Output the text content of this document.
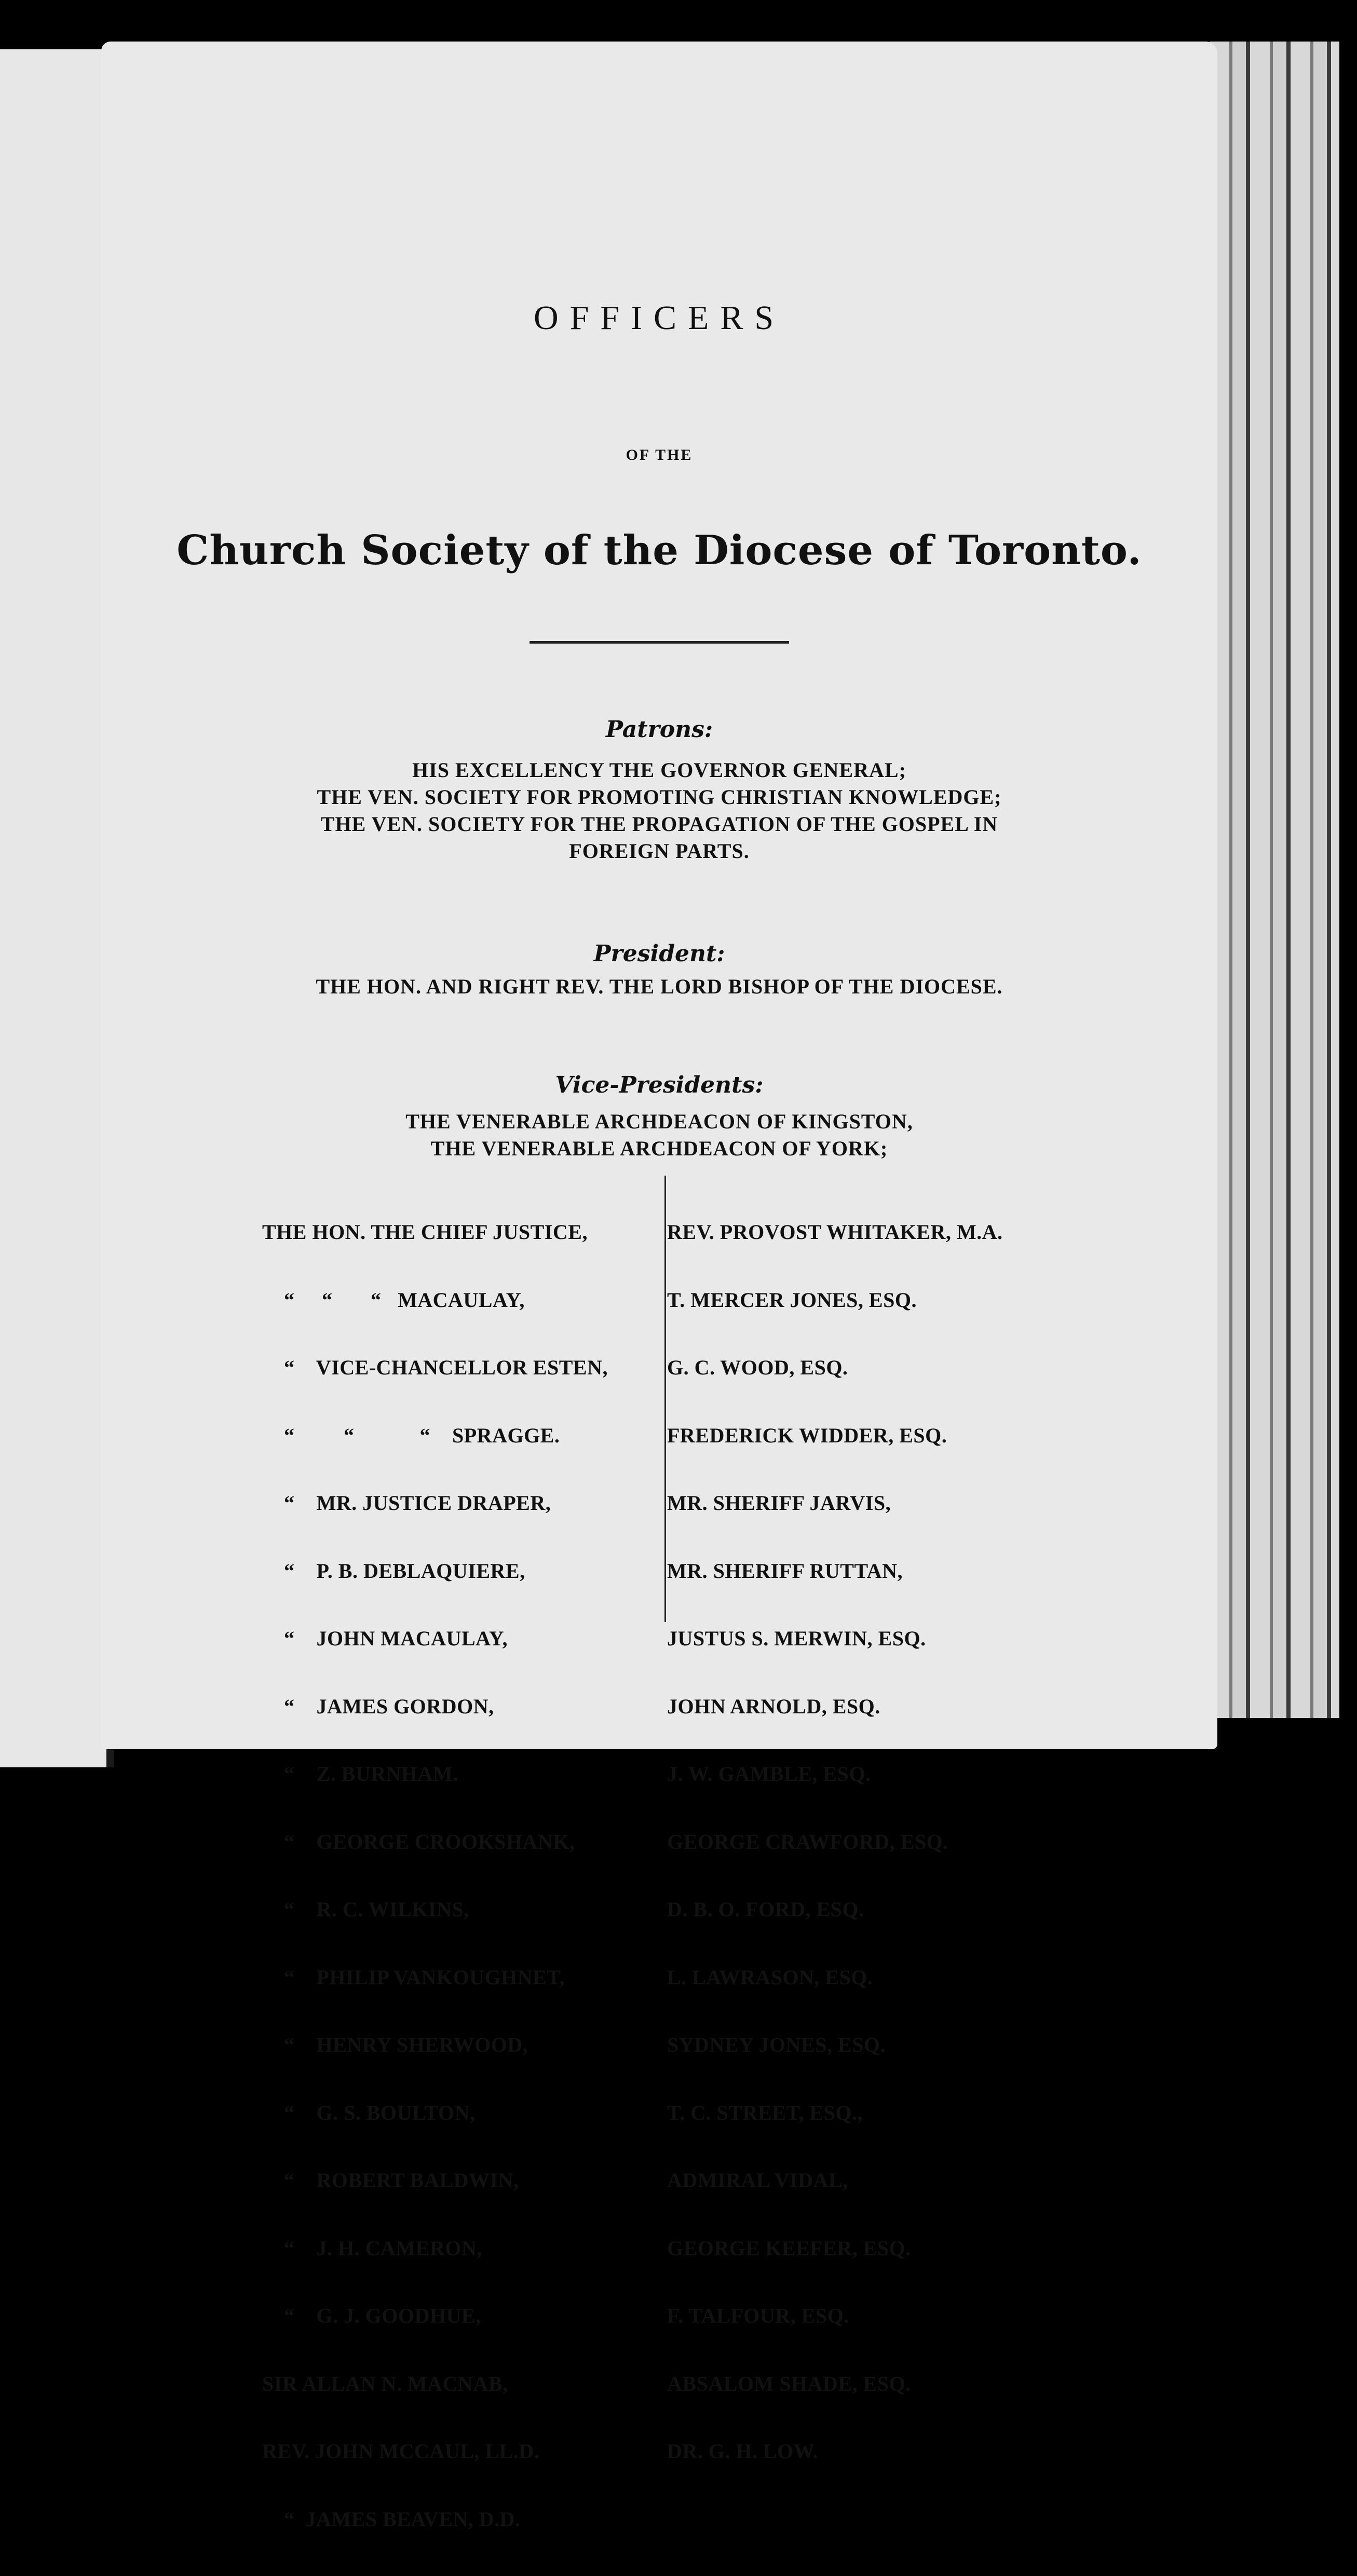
OFFICERS
OF THE
Church Society of the Diocese of Toronto.
Patrons:
HIS EXCELLENCY THE GOVERNOR GENERAL;
THE VEN. SOCIETY FOR PROMOTING CHRISTIAN KNOWLEDGE;
THE VEN. SOCIETY FOR THE PROPAGATION OF THE GOSPEL IN
FOREIGN PARTS.
President:
THE HON. AND RIGHT REV. THE LORD BISHOP OF THE DIOCESE.
Vice-Presidents:
THE VENERABLE ARCHDEACON OF KINGSTON,
THE VENERABLE ARCHDEACON OF YORK;

THE HON. THE CHIEF JUSTICE,

“     “       “   MACAULAY,

“    VICE-CHANCELLOR ESTEN,

“         “            “    SPRAGGE.

“    MR. JUSTICE DRAPER,

“    P. B. DEBLAQUIERE,

“    JOHN MACAULAY,

“    JAMES GORDON,

“    Z. BURNHAM.

“    GEORGE CROOKSHANK,

“    R. C. WILKINS,

“    PHILIP VANKOUGHNET,

“    HENRY SHERWOOD,

“    G. S. BOULTON,

“    ROBERT BALDWIN,

“    J. H. CAMERON,

“    G. J. GOODHUE,

SIR ALLAN N. MACNAB,

REV. JOHN MCCAUL, LL.D.

“  JAMES BEAVEN, D.D.

REV. PROVOST WHITAKER, M.A.

T. MERCER JONES, ESQ.

G. C. WOOD, ESQ.

FREDERICK WIDDER, ESQ.

MR. SHERIFF JARVIS,

MR. SHERIFF RUTTAN,

JUSTUS S. MERWIN, ESQ.

JOHN ARNOLD, ESQ.

J. W. GAMBLE, ESQ.

GEORGE CRAWFORD, ESQ.

D. B. O. FORD, ESQ.

L. LAWRASON, ESQ.

SYDNEY JONES, ESQ.

T. C. STREET, ESQ.,

ADMIRAL VIDAL,

GEORGE KEEFER, ESQ.

F. TALFOUR, ESQ.

ABSALOM SHADE, ESQ.

DR. G. H. LOW.
